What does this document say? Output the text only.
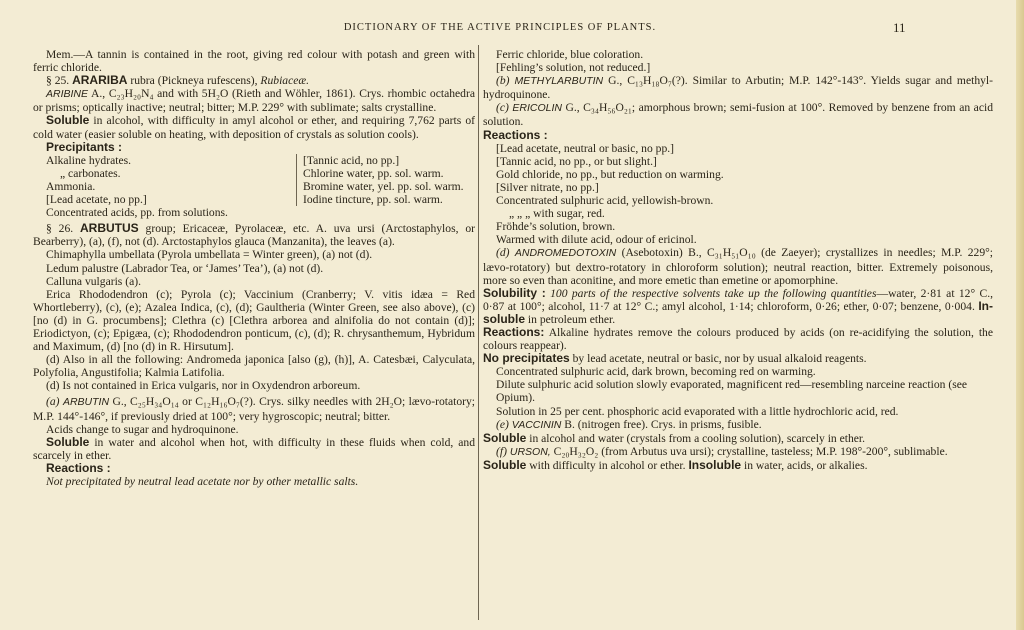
DICTIONARY OF THE ACTIVE PRINCIPLES OF PLANTS.	11

Mem.—A tannin is contained in the root, giving red colour with potash and green with ferric chloride.

§ 25. ARARIBA rubra (Pickneya rufescens), Rubiaceæ.

ARIBINE A., C₂₃H₂₀N₄ and with 5H₂O (Rieth and Wöhler, 1861). Crys. rhombic octahedra or prisms; optically inactive; neutral; bitter; M.P. 229° with sublimate; salts crystalline.

Soluble in alcohol, with difficulty in amyl alcohol or ether, and requiring 7,762 parts of cold water (easier soluble on heating, with deposition of crystals as solution cools).

Precipitants :

Alkaline hydrates.
„ carbonates.
Ammonia.
[Lead acetate, no pp.]
[Tannic acid, no pp.]
Chlorine water, pp. sol. warm.
Bromine water, yel. pp. sol. warm.
Iodine tincture, pp. sol. warm.

Concentrated acids, pp. from solutions.

§ 26. ARBUTUS group; Ericaceæ, Pyrolaceæ, etc. A. uva ursi (Arctostaphylos, or Bearberry), (a), (f), not (d). Arctostaphylos glauca (Manzanita), the leaves (a).

Chimaphylla umbellata (Pyrola umbellata = Winter green), (a) not (d).

Ledum palustre (Labrador Tea, or ‘James’ Tea’), (a) not (d).

Calluna vulgaris (a).

Erica Rhododendron (c); Pyrola (c); Vaccinium (Cranberry; V. vitis idæa = Red Whortleberry), (c), (e); Azalea Indica, (c), (d); Gaultheria (Winter Green, see also above), (c) [no (d) in G. procumbens]; Clethra (c) [Clethra arborea and alnifolia do not contain (d)]; Eriodictyon, (c); Epigæa, (c); Rhododendron ponticum, (c), (d); R. chrysanthemum, Hybridum and Maximum, (d) [no (d) in R. Hirsutum].

(d) Also in all the following: Andromeda japonica [also (g), (h)], A. Catesbæi, Calyculata, Polyfolia, Angustifolia; Kalmia Latifolia.

(d) Is not contained in Erica vulgaris, nor in Oxydendron arboreum.

(a) ARBUTIN G., C₂₅H₃₄O₁₄ or C₁₂H₁₆O₇(?). Crys. silky needles with 2H₂O; lævo-rotatory; M.P. 144°-146°, if previously dried at 100°; very hygroscopic; neutral; bitter.

Acids change to sugar and hydroquinone.

Soluble in water and alcohol when hot, with difficulty in these fluids when cold, and scarcely in ether.

Reactions :

Not precipitated by neutral lead acetate nor by other metallic salts.

Ferric chloride, blue coloration.

[Fehling’s solution, not reduced.]

(b) METHYLARBUTIN G., C₁₃H₁₈O₇(?). Similar to Arbutin; M.P. 142°-143°. Yields sugar and methyl-hydroquinone.

(c) ERICOLIN G., C₃₄H₅₆O₂₁; amorphous brown; semi-fusion at 100°. Removed by benzene from an acid solution.

Reactions :

[Lead acetate, neutral or basic, no pp.]

[Tannic acid, no pp., or but slight.]

Gold chloride, no pp., but reduction on warming.

[Silver nitrate, no pp.]

Concentrated sulphuric acid, yellowish-brown.

„ „ „ with sugar, red.

Fröhde’s solution, brown.

Warmed with dilute acid, odour of ericinol.

(d) ANDROMEDOTOXIN (Asebotoxin) B., C₃₁H₅₁O₁₀ (de Zaeyer); crystallizes in needles; M.P. 229°; lævo-rotatory) but dextro-rotatory in chloroform solution); neutral reaction, bitter. Extremely poisonous, more so even than aconitine, and more emetic than emetine or apomorphine.

Solubility : 100 parts of the respective solvents take up the following quantities—water, 2·81 at 12° C., 0·87 at 100°; alcohol, 11·7 at 12° C.; amyl alcohol, 1·14; chloroform, 0·26; ether, 0·07; benzene, 0·004. In-soluble in petroleum ether.

Reactions: Alkaline hydrates remove the colours produced by acids (on re-acidifying the solution, the colours reappear).

No precipitates by lead acetate, neutral or basic, nor by usual alkaloid reagents.

Concentrated sulphuric acid, dark brown, becoming red on warming.

Dilute sulphuric acid solution slowly evaporated, magnificent red—resembling narceine reaction (see Opium).

Solution in 25 per cent. phosphoric acid evaporated with a little hydrochloric acid, red.

(e) VACCININ B. (nitrogen free). Crys. in prisms, fusible.

Soluble in alcohol and water (crystals from a cooling solution), scarcely in ether.

(f) URSON, C₂₀H₃₂O₂ (from Arbutus uva ursi); crystalline, tasteless; M.P. 198°-200°, sublimable.

Soluble with difficulty in alcohol or ether. Insoluble in water, acids, or alkalies.
